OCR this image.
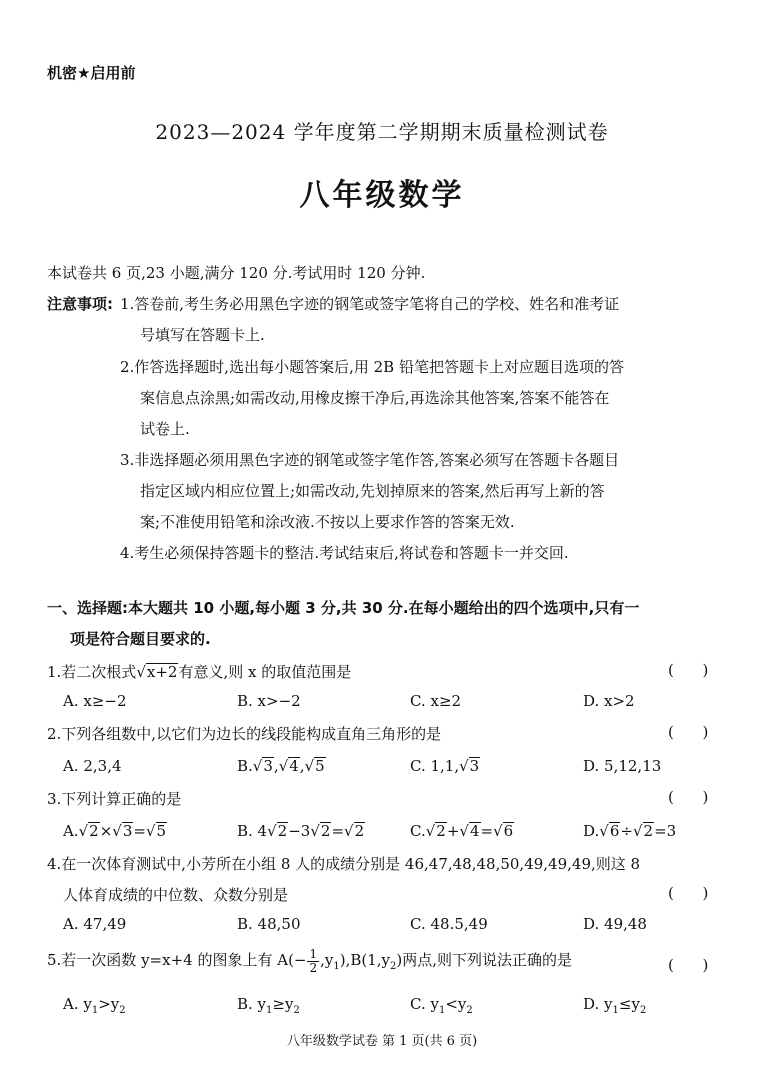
机密★启用前
2023—2024 学年度第二学期期末质量检测试卷
八年级数学
本试卷共 6 页,23 小题,满分 120 分.考试用时 120 分钟.
注意事项: 1.答卷前,考生务必用黑色字迹的钢笔或签字笔将自己的学校、姓名和准考证
号填写在答题卡上.
2.作答选择题时,选出每小题答案后,用 2B 铅笔把答题卡上对应题目选项的答
案信息点涂黑;如需改动,用橡皮擦干净后,再选涂其他答案,答案不能答在
试卷上.
3.非选择题必须用黑色字迹的钢笔或签字笔作答,答案必须写在答题卡各题目
指定区域内相应位置上;如需改动,先划掉原来的答案,然后再写上新的答
案;不准使用铅笔和涂改液.不按以上要求作答的答案无效.
4.考生必须保持答题卡的整洁.考试结束后,将试卷和答题卡一并交回.
一、选择题:本大题共 10 小题,每小题 3 分,共 30 分.在每小题给出的四个选项中,只有一
项是符合题目要求的.
1.若二次根式√x+2有意义,则 x 的取值范围是	(      )
A. x≥−2	B. x>−2	C. x≥2	D. x>2
2.下列各组数中,以它们为边长的线段能构成直角三角形的是	(      )
A. 2,3,4	B.√3,√4,√5	C. 1,1,√3	D. 5,12,13
3.下列计算正确的是	(      )
A.√2×√3=√5	B. 4√2−3√2=√2	C.√2+√4=√6	D.√6÷√2=3
4.在一次体育测试中,小芳所在小组 8 人的成绩分别是 46,47,48,48,50,49,49,49,则这 8
人体育成绩的中位数、众数分别是	(      )
A. 47,49	B. 48,50	C. 48.5,49	D. 49,48
5.若一次函数 y=x+4 的图象上有 $A(- \frac{1}{2} ,y_1),B(1,y_2)$两点,则下列说法正确的是	(      )
A. $y_1>y_2$	B. $y_1\ge y_2$	C. $y_1<y_2$	D. $y_1\le y_2$
八年级数学试卷 第 1 页(共 6 页)
